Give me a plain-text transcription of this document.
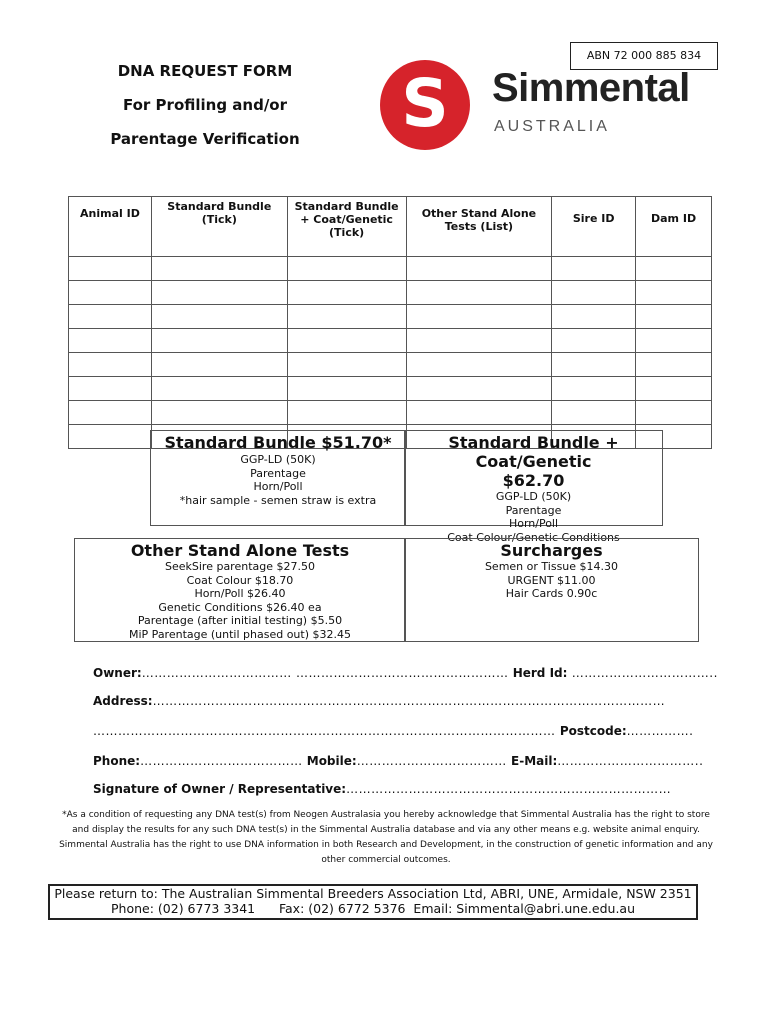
ABN 72 000 885 834
DNA REQUEST FORM
For Profiling and/or
Parentage Verification	S	Simmental
AUSTRALIA
Animal ID	Standard Bundle (Tick)	Standard Bundle + Coat/Genetic (Tick)	Other Stand Alone Tests (List)	Sire ID	Dam ID

Standard Bundle $51.70*
GGP-LD (50K)
Parentage
Horn/Poll
*hair sample - semen straw is extra
Standard Bundle + Coat/Genetic
$62.70
GGP-LD (50K)
Parentage
Horn/Poll
Coat Colour/Genetic Conditions
Other Stand Alone Tests
SeekSire parentage $27.50
Coat Colour $18.70
Horn/Poll $26.40
Genetic Conditions $26.40 ea
Parentage (after initial testing) $5.50
MiP Parentage (until phased out) $32.45
Surcharges
Semen or Tissue $14.30
URGENT $11.00
Hair Cards 0.90c
Owner:……………………………… …………………………………………… Herd Id: ……………………………..
Address:……………………………………………………………………………………………………………
………………………………………………………………………………………………… Postcode:…………….
Phone:………………………………… Mobile:……………………………… E-Mail:……………………………..
Signature of Owner / Representative:……………………………………………………………………
*As a condition of requesting any DNA test(s) from Neogen Australasia you hereby acknowledge that Simmental Australia has the right to store
and display the results for any such DNA test(s) in the Simmental Australia database and via any other means e.g. website animal enquiry.
Simmental Australia has the right to use DNA information in both Research and Development, in the construction of genetic information and any
other commercial outcomes.
Please return to: The Australian Simmental Breeders Association Ltd, ABRI, UNE, Armidale, NSW 2351
Phone: (02) 6773 3341      Fax: (02) 6772 5376  Email: Simmental@abri.une.edu.au
